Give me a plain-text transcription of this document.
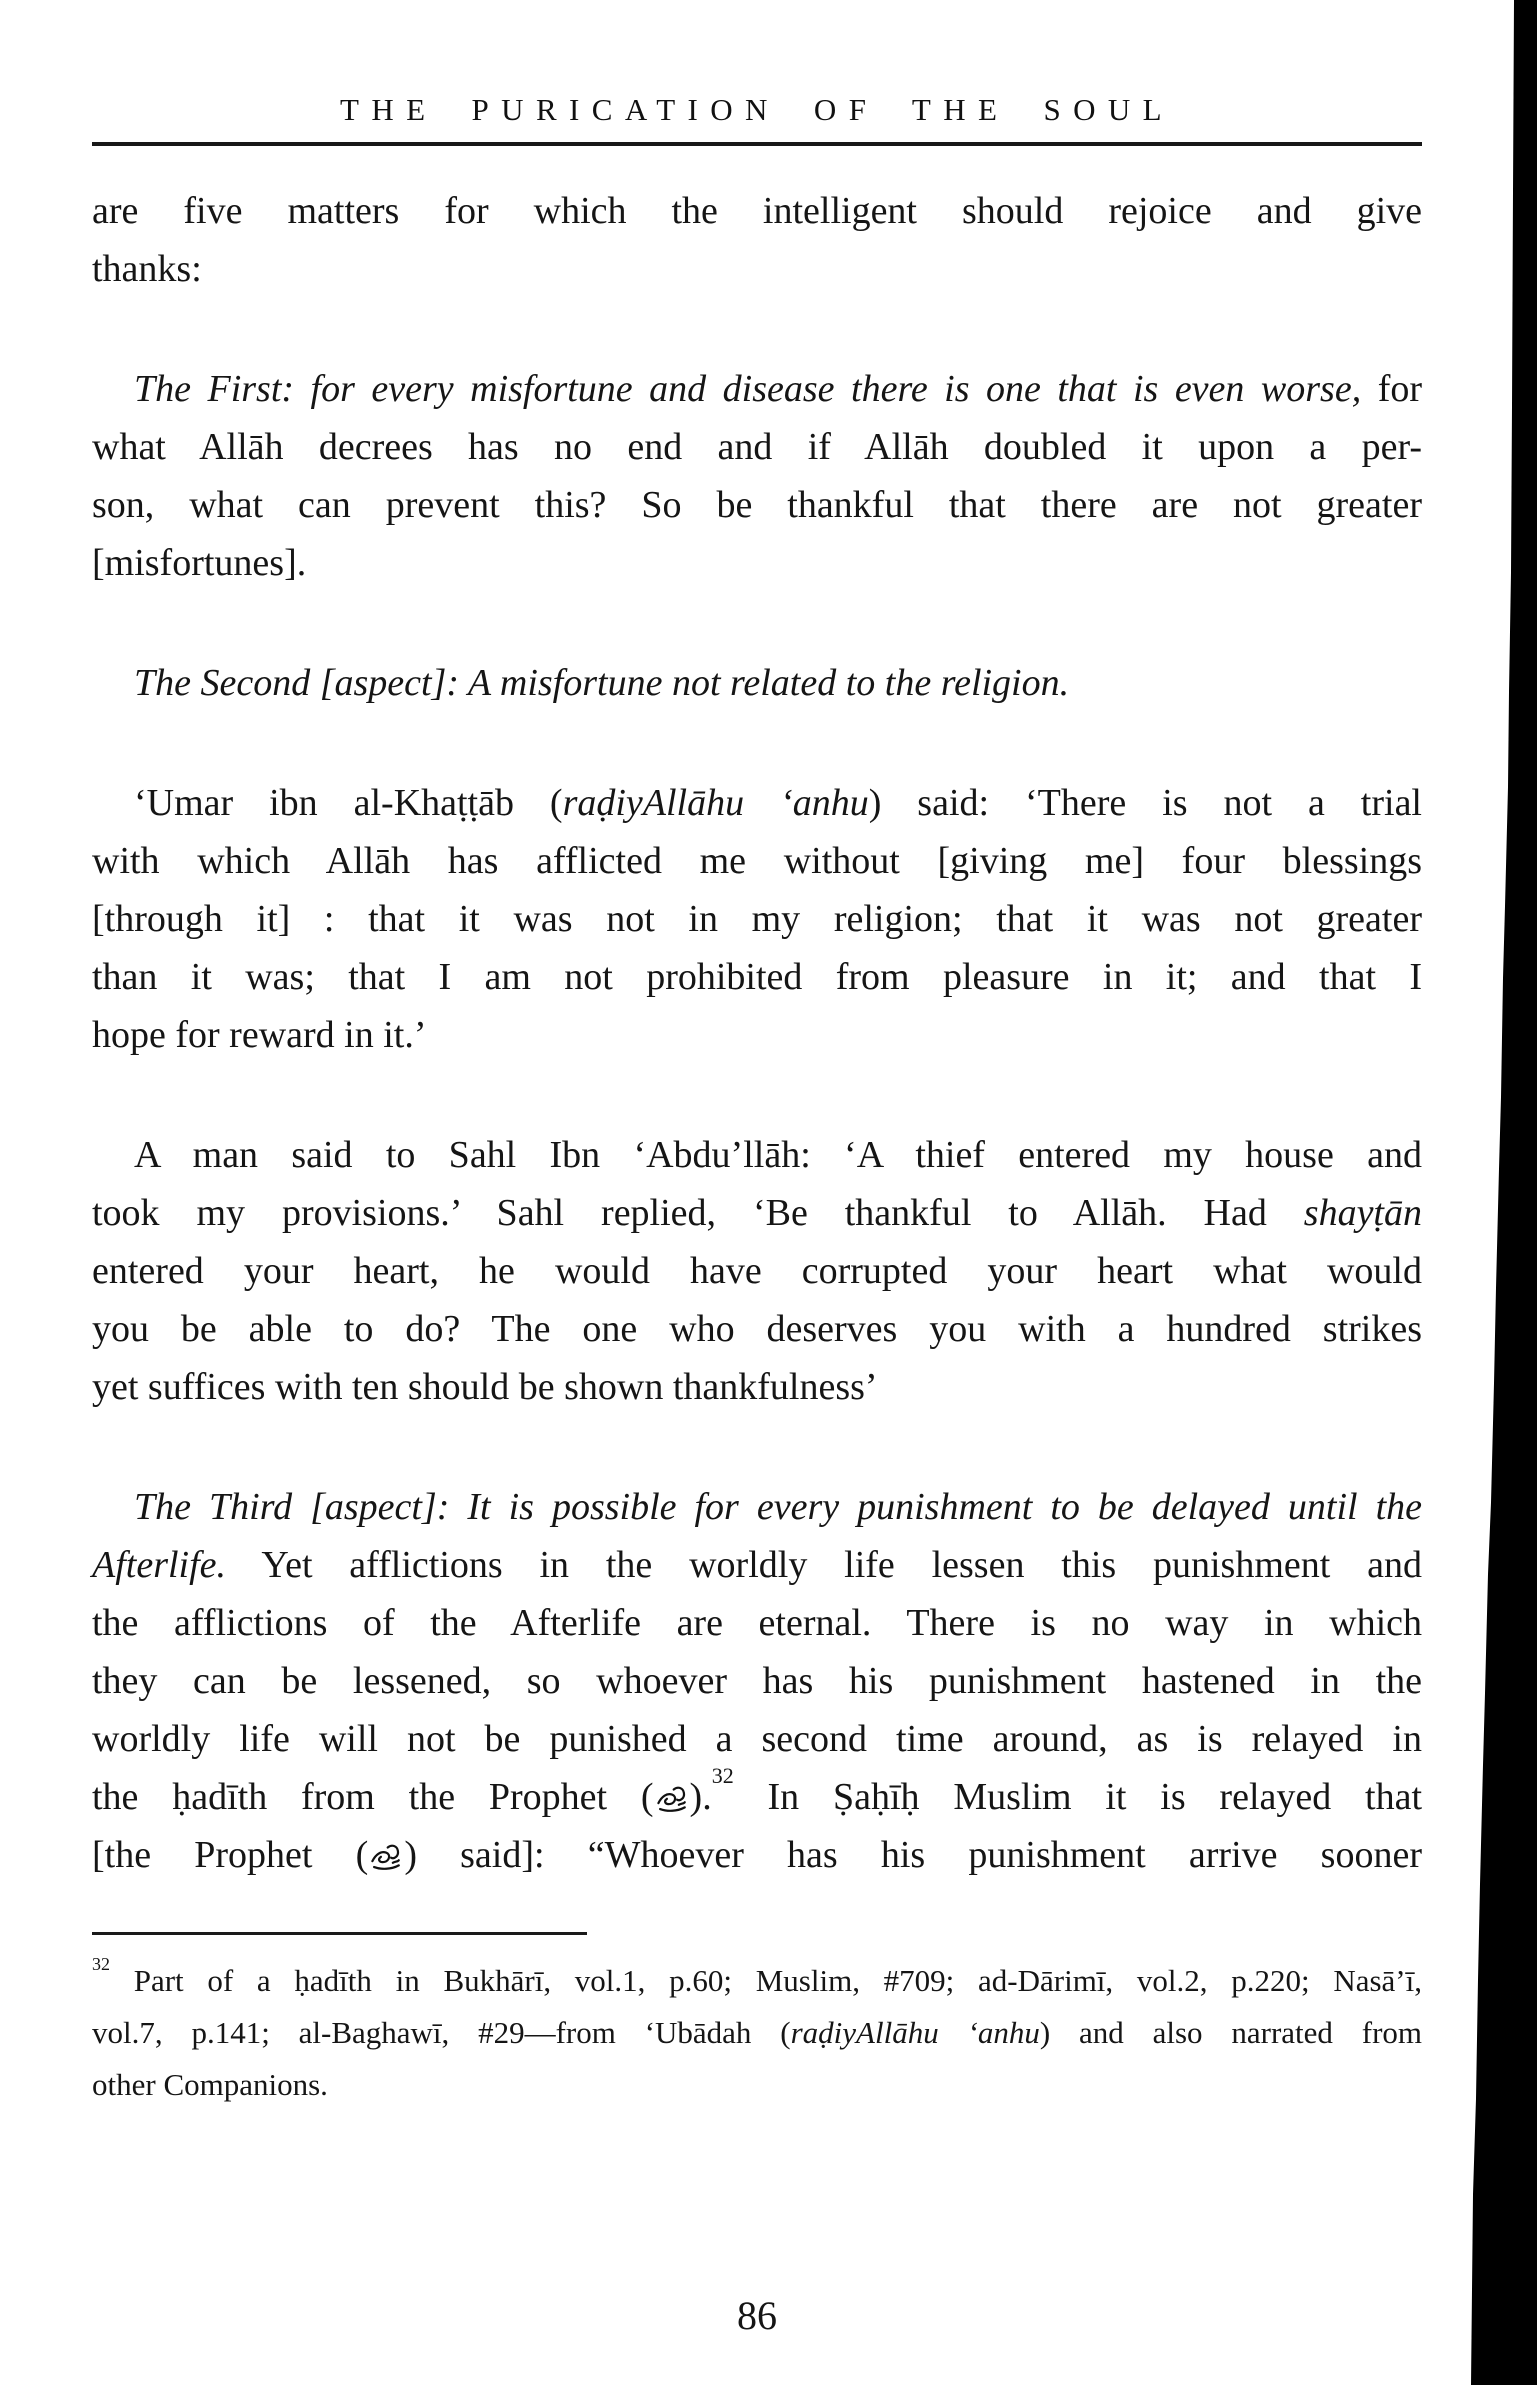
THE PURICATION OF THE SOUL
are five matters for which the intelligent should rejoice and give
thanks:
The First: for every misfortune and disease there is one that is even worse, for
what Allāh decrees has no end and if Allāh doubled it upon a per-
son, what can prevent this? So be thankful that there are not greater
[misfortunes].
The Second [aspect]: A misfortune not related to the religion.
‘Umar ibn al-Khaṭṭāb (raḍiyAllāhu ‘anhu) said: ‘There is not a trial
with which Allāh has afflicted me without [giving me] four blessings
[through it] : that it was not in my religion; that it was not greater
than it was; that I am not prohibited from pleasure in it; and that I
hope for reward in it.’
A man said to Sahl Ibn ‘Abdu’llāh: ‘A thief entered my house and
took my provisions.’ Sahl replied, ‘Be thankful to Allāh. Had shayṭān
entered your heart, he would have corrupted your heart what would
you be able to do? The one who deserves you with a hundred strikes
yet suffices with ten should be shown thankfulness’
The Third [aspect]: It is possible for every punishment to be delayed until the
Afterlife. Yet afflictions in the worldly life lessen this punishment and
the afflictions of the Afterlife are eternal. There is no way in which
they can be lessened, so whoever has his punishment hastened in the
worldly life will not be punished a second time around, as is relayed in
the ḥadīth from the Prophet ( ).$^{32}$ In Ṣaḥīḥ Muslim it is relayed that
[the Prophet ( ) said]: “Whoever has his punishment arrive sooner
$^{32}$ Part of a ḥadīth in Bukhārī, vol.1, p.60; Muslim, #709; ad-Dārimī, vol.2, p.220; Nasā’ī,
vol.7, p.141; al-Baghawī, #29—from ‘Ubādah (raḍiyAllāhu ‘anhu) and also narrated from
other Companions.
86
